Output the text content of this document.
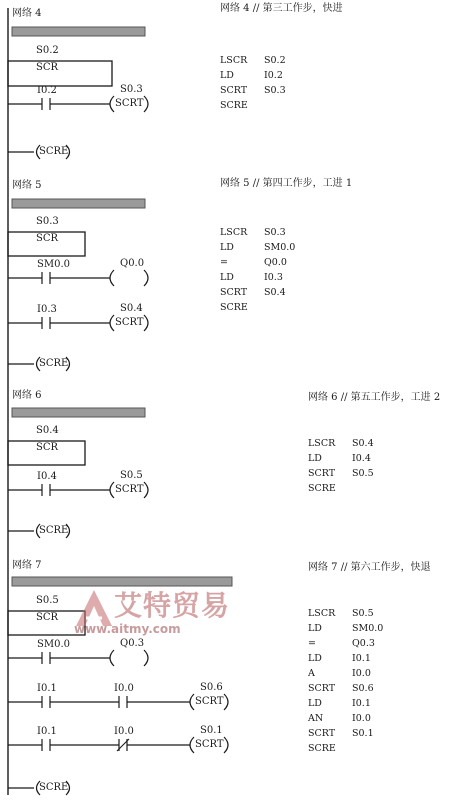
网络 4	网络 4 // 第三工作步，快进
S0.2
SCR
I0.2
SCRT
S0.3
SCRE
LSCR	S0.2
LD	I0.2
SCRT	S0.3
SCRE
网络 5	网络 5 // 第四工作步，工进 1
S0.3
SCR
SM0.0	Q0.0
I0.3
SCRT
S0.4
SCRE
LSCR	S0.3
LD	SM0.0
=	Q0.0
LD	I0.3
SCRT	S0.4
SCRE
网络 6	网络 6 // 第五工作步，工进 2
S0.4
SCR
I0.4
SCRT
S0.5
SCRE
LSCR	S0.4
LD	I0.4
SCRT	S0.5
SCRE
网络 7	网络 7 // 第六工作步，快退
S0.5
SCR
SM0.0	Q0.3
I0.1	I0.0
SCRT
S0.6
I0.1	I0.0
SCRT
S0.1
SCRE
LSCR	S0.5
LD	SM0.0
=	Q0.3
LD	I0.1
A	I0.0
SCRT	S0.6
LD	I0.1
AN	I0.0
SCRT	S0.1
SCRE
艾特贸易
www.aitmy.com
